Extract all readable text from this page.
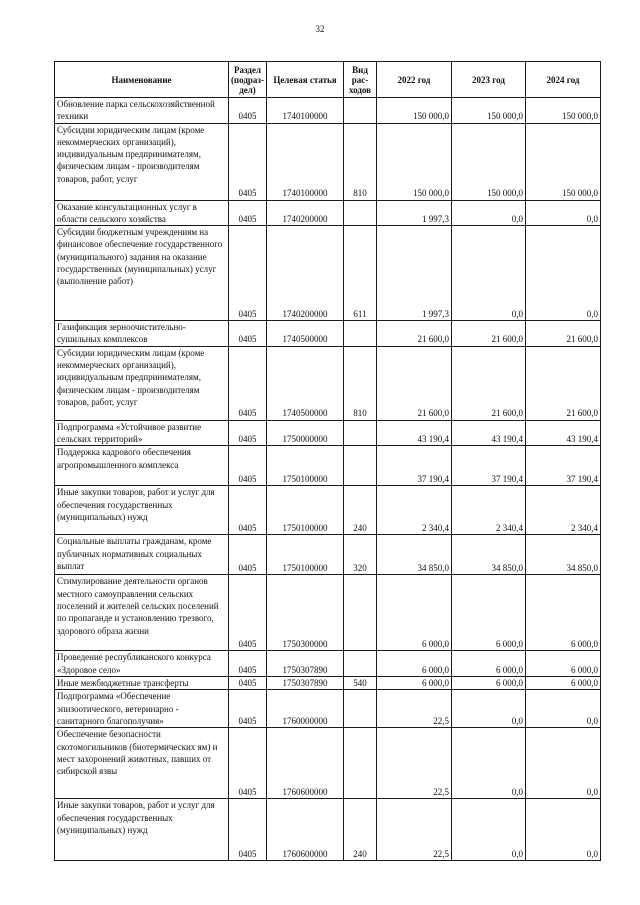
32
Наименование	Раздел (подраз-дел)	Целевая статья	Вид рас-ходов	2022 год	2023 год	2024 год
Обновление парка сельскохозяйственной техники	0405	1740100000		150 000,0	150 000,0	150 000,0
Субсидии юридическим лицам (кроме некоммерческих организаций), индивидуальным предпринимателям, физическим лицам - производителям товаров, работ, услуг	0405	1740100000	810	150 000,0	150 000,0	150 000,0
Оказание консультационных услуг в области сельского хозяйства	0405	1740200000		1 997,3	0,0	0,0
Субсидии бюджетным учреждениям на финансовое обеспечение государственного (муниципального) задания на оказание государственных (муниципальных) услуг (выполнение работ)	0405	1740200000	611	1 997,3	0,0	0,0
Газификация зерноочистительно-сушильных комплексов	0405	1740500000		21 600,0	21 600,0	21 600,0
Субсидии юридическим лицам (кроме некоммерческих организаций), индивидуальным предпринимателям, физическим лицам - производителям товаров, работ, услуг	0405	1740500000	810	21 600,0	21 600,0	21 600,0
Подпрограмма «Устойчивое развитие сельских территорий»	0405	1750000000		43 190,4	43 190,4	43 190,4
Поддержка кадрового обеспечения агропромышленного комплекса	0405	1750100000		37 190,4	37 190,4	37 190,4
Иные закупки товаров, работ и услуг для обеспечения государственных (муниципальных) нужд	0405	1750100000	240	2 340,4	2 340,4	2 340,4
Социальные выплаты гражданам, кроме публичных нормативных социальных выплат	0405	1750100000	320	34 850,0	34 850,0	34 850,0
Стимулирование деятельности органов местного самоуправления сельских поселений и жителей сельских поселений по пропаганде и установлению трезвого, здорового образа жизни	0405	1750300000		6 000,0	6 000,0	6 000,0
Проведение республиканского конкурса «Здоровое село»	0405	1750307890		6 000,0	6 000,0	6 000,0
Иные межбюджетные трансферты	0405	1750307890	540	6 000,0	6 000,0	6 000,0
Подпрограмма «Обеспечение эпизоотического, ветеринарно - санитарного благополучия»	0405	1760000000		22,5	0,0	0,0
Обеспечение безопасности скотомогильников (биотермических ям) и мест захоронений животных, павших от сибирской язвы	0405	1760600000		22,5	0,0	0,0
Иные закупки товаров, работ и услуг для обеспечения государственных (муниципальных) нужд	0405	1760600000	240	22,5	0,0	0,0
